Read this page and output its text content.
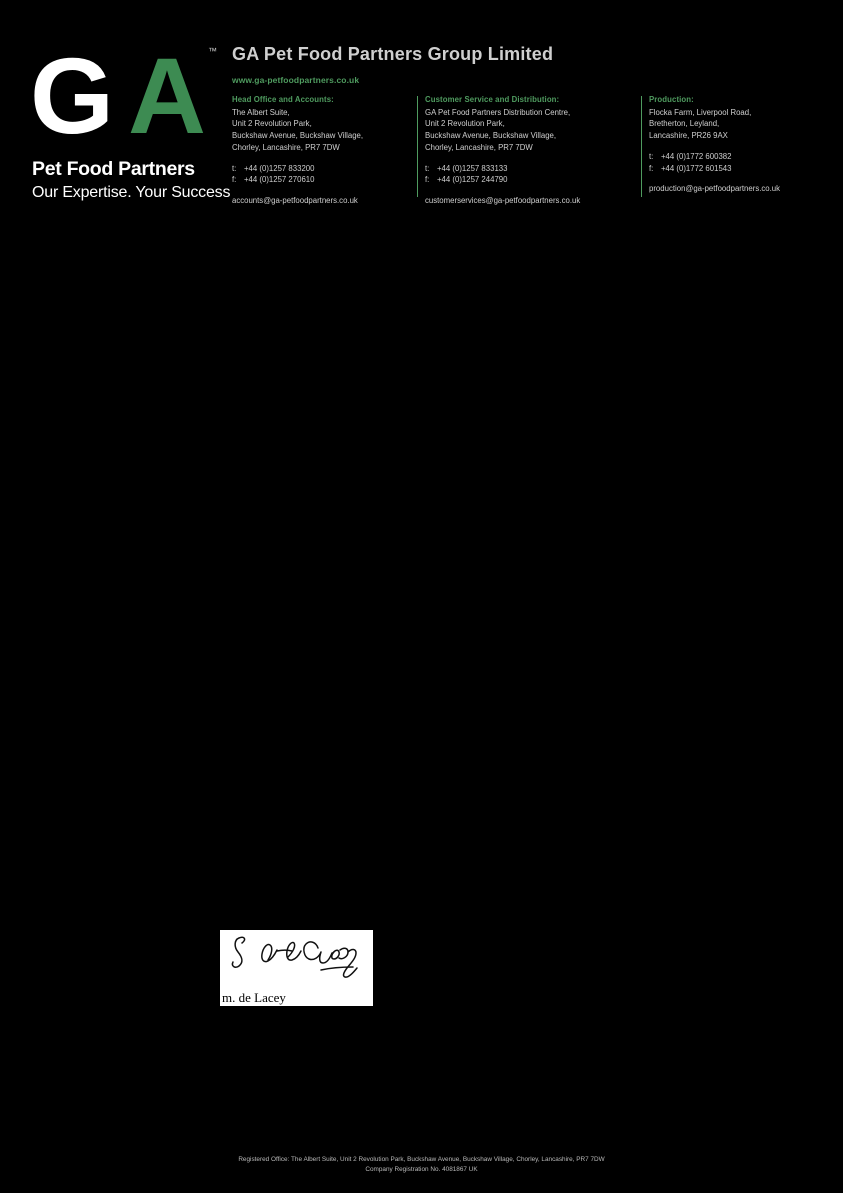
G A ™
Pet Food Partners
Our Expertise. Your Success
GA Pet Food Partners Group Limited
www.ga-petfoodpartners.co.uk
Head Office and Accounts:
The Albert Suite,
Unit 2 Revolution Park,
Buckshaw Avenue, Buckshaw Village,
Chorley, Lancashire, PR7 7DW
t: +44 (0)1257 833200
f: +44 (0)1257 270610
accounts@ga-petfoodpartners.co.uk
Customer Service and Distribution:
GA Pet Food Partners Distribution Centre,
Unit 2 Revolution Park,
Buckshaw Avenue, Buckshaw Village,
Chorley, Lancashire, PR7 7DW
t: +44 (0)1257 833133
f: +44 (0)1257 244790
customerservices@ga-petfoodpartners.co.uk
Production:
Flocka Farm, Liverpool Road,
Bretherton, Leyland,
Lancashire, PR26 9AX
t: +44 (0)1772 600382
f: +44 (0)1772 601543
production@ga-petfoodpartners.co.uk
m. de Lacey
Registered Office: The Albert Suite, Unit 2 Revolution Park, Buckshaw Avenue, Buckshaw Village, Chorley, Lancashire, PR7 7DW
Company Registration No. 4081867 UK
